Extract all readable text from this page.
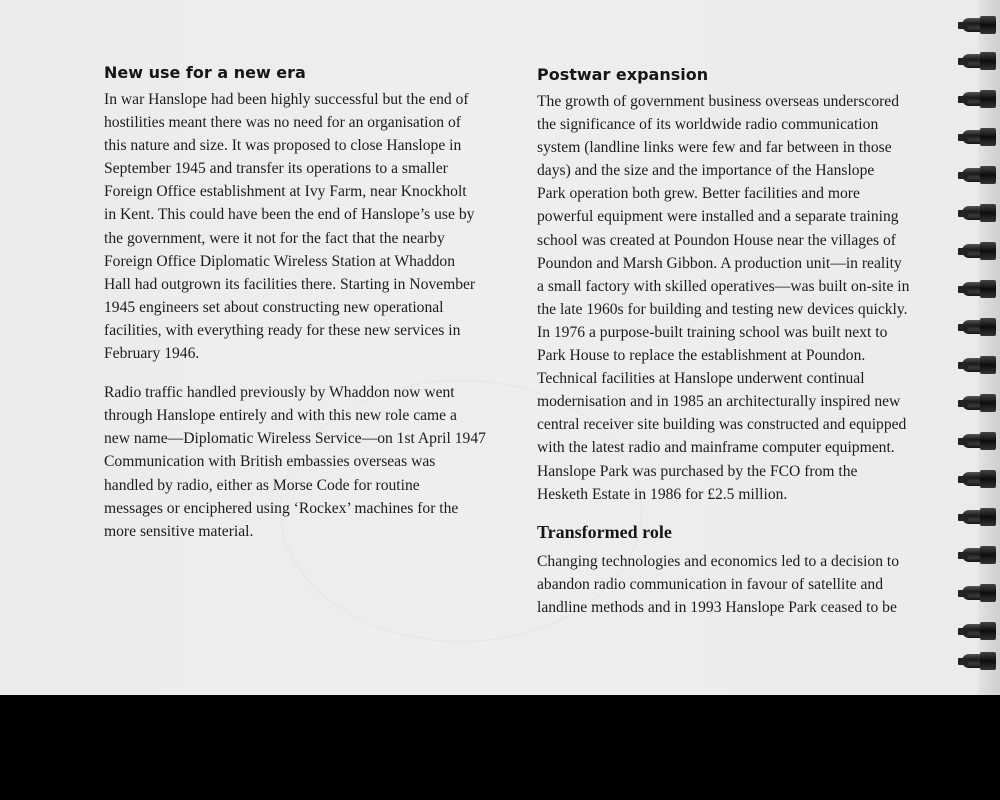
New use for a new era

In war Hanslope had been highly successful but the end of
hostilities meant there was no need for an organisation of
this nature and size. It was proposed to close Hanslope in
September 1945 and transfer its operations to a smaller
Foreign Office establishment at Ivy Farm, near Knockholt
in Kent. This could have been the end of Hanslope’s use by
the government, were it not for the fact that the nearby
Foreign Office Diplomatic Wireless Station at Whaddon
Hall had outgrown its facilities there. Starting in November
1945 engineers set about constructing new operational
facilities, with everything ready for these new services in
February 1946.

Radio traffic handled previously by Whaddon now went
through Hanslope entirely and with this new role came a
new name—Diplomatic Wireless Service—on 1st April 1947
Communication with British embassies overseas was
handled by radio, either as Morse Code for routine
messages or enciphered using ‘Rockex’ machines for the
more sensitive material.

Postwar expansion

The growth of government business overseas underscored
the significance of its worldwide radio communication
system (landline links were few and far between in those
days) and the size and the importance of the Hanslope
Park operation both grew. Better facilities and more
powerful equipment were installed and a separate training
school was created at Poundon House near the villages of
Poundon and Marsh Gibbon. A production unit—in reality
a small factory with skilled operatives—was built on-site in
the late 1960s for building and testing new devices quickly.
In 1976 a purpose-built training school was built next to
Park House to replace the establishment at Poundon.
Technical facilities at Hanslope underwent continual
modernisation and in 1985 an architecturally inspired new
central receiver site building was constructed and equipped
with the latest radio and mainframe computer equipment.
Hanslope Park was purchased by the FCO from the
Hesketh Estate in 1986 for £2.5 million.

Transformed role

Changing technologies and economics led to a decision to
abandon radio communication in favour of satellite and
landline methods and in 1993 Hanslope Park ceased to be
